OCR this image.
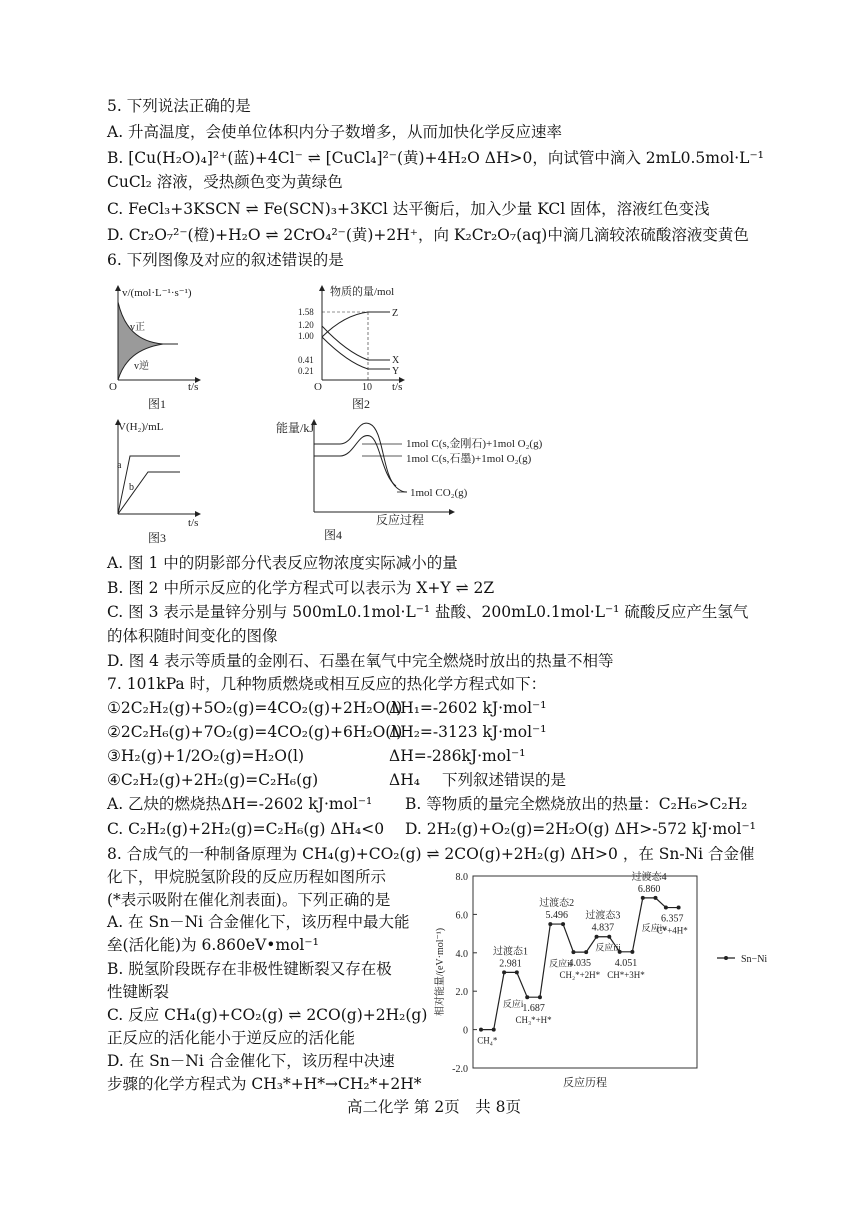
5. 下列说法正确的是
A. 升高温度，会使单位体积内分子数增多，从而加快化学反应速率
B. [Cu(H₂O)₄]²⁺(蓝)+4Cl⁻ ⇌ [CuCl₄]²⁻(黄)+4H₂O ΔH>0，向试管中滴入 2mL0.5mol·L⁻¹
CuCl₂ 溶液，受热颜色变为黄绿色
C. FeCl₃+3KSCN ⇌ Fe(SCN)₃+3KCl 达平衡后，加入少量 KCl 固体，溶液红色变浅
D. Cr₂O₇²⁻(橙)+H₂O ⇌ 2CrO₄²⁻(黄)+2H⁺，向 K₂Cr₂O₇(aq)中滴几滴较浓硫酸溶液变黄色
6. 下列图像及对应的叙述错误的是
v/(mol·L⁻¹·s⁻¹)
v正
v逆
O	t/s
图1
物质的量/mol
1.58
1.20
1.00
0.41
0.21
Z
X
Y
O	10 t/s
图2
V(H₂)/mL
a
b
t/s
图3
能量/kJ
1mol C(s,金刚石)+1mol O₂(g)
1mol C(s,石墨)+1mol O₂(g)
1mol CO₂(g)
反应过程
图4
A. 图 1 中的阴影部分代表反应物浓度实际减小的量
B. 图 2 中所示反应的化学方程式可以表示为 X+Y ⇌ 2Z
C. 图 3 表示是量锌分别与 500mL0.1mol·L⁻¹ 盐酸、200mL0.1mol·L⁻¹ 硫酸反应产生氢气
的体积随时间变化的图像
D. 图 4 表示等质量的金刚石、石墨在氧气中完全燃烧时放出的热量不相等
7. 101kPa 时，几种物质燃烧或相互反应的热化学方程式如下：
①2C₂H₂(g)+5O₂(g)=4CO₂(g)+2H₂O(l)
ΔH₁=-2602 kJ·mol⁻¹
②2C₂H₆(g)+7O₂(g)=4CO₂(g)+6H₂O(l)
ΔH₂=-3123 kJ·mol⁻¹
③H₂(g)+1/2O₂(g)=H₂O(l)	ΔH=-286kJ·mol⁻¹
④C₂H₂(g)+2H₂(g)=C₂H₆(g)	ΔH₄ 下列叙述错误的是
A. 乙炔的燃烧热ΔH=-2602 kJ·mol⁻¹ B. 等物质的量完全燃烧放出的热量：C₂H₆>C₂H₂
C. C₂H₂(g)+2H₂(g)=C₂H₆(g) ΔH₄<0 D. 2H₂(g)+O₂(g)=2H₂O(g) ΔH>-572 kJ·mol⁻¹
8. 合成气的一种制备原理为 CH₄(g)+CO₂(g) ⇌ 2CO(g)+2H₂(g) ΔH>0 ，在 Sn-Ni 合金催
化下，甲烷脱氢阶段的反应历程如图所示
(*表示吸附在催化剂表面)。下列正确的是
A. 在 Sn－Ni 合金催化下，该历程中最大能
垒(活化能)为 6.860eV•mol⁻¹
B. 脱氢阶段既存在非极性键断裂又存在极
性键断裂
C. 反应 CH₄(g)+CO₂(g) ⇌ 2CO(g)+2H₂(g)
正反应的活化能小于逆反应的活化能
D. 在 Sn－Ni 合金催化下，该历程中决速
步骤的化学方程式为 CH₃*+H*→CH₂*+2H*
-2.0
0
2.0
4.0
6.0
8.0
相对能量/(eV·mol⁻¹)
反应历程
2.981
1.687
5.496
4.035
4.837
4.051
6.860
6.357
CH₄*
CH₃*+H*
CH₂*+2H* CH*+3H*
C*+4H*
过渡态1
过渡态2
过渡态3
过渡态4
反应i
反应ii
反应iii
反应iv
Sn−Ni
高二化学 第 2页　共 8页
